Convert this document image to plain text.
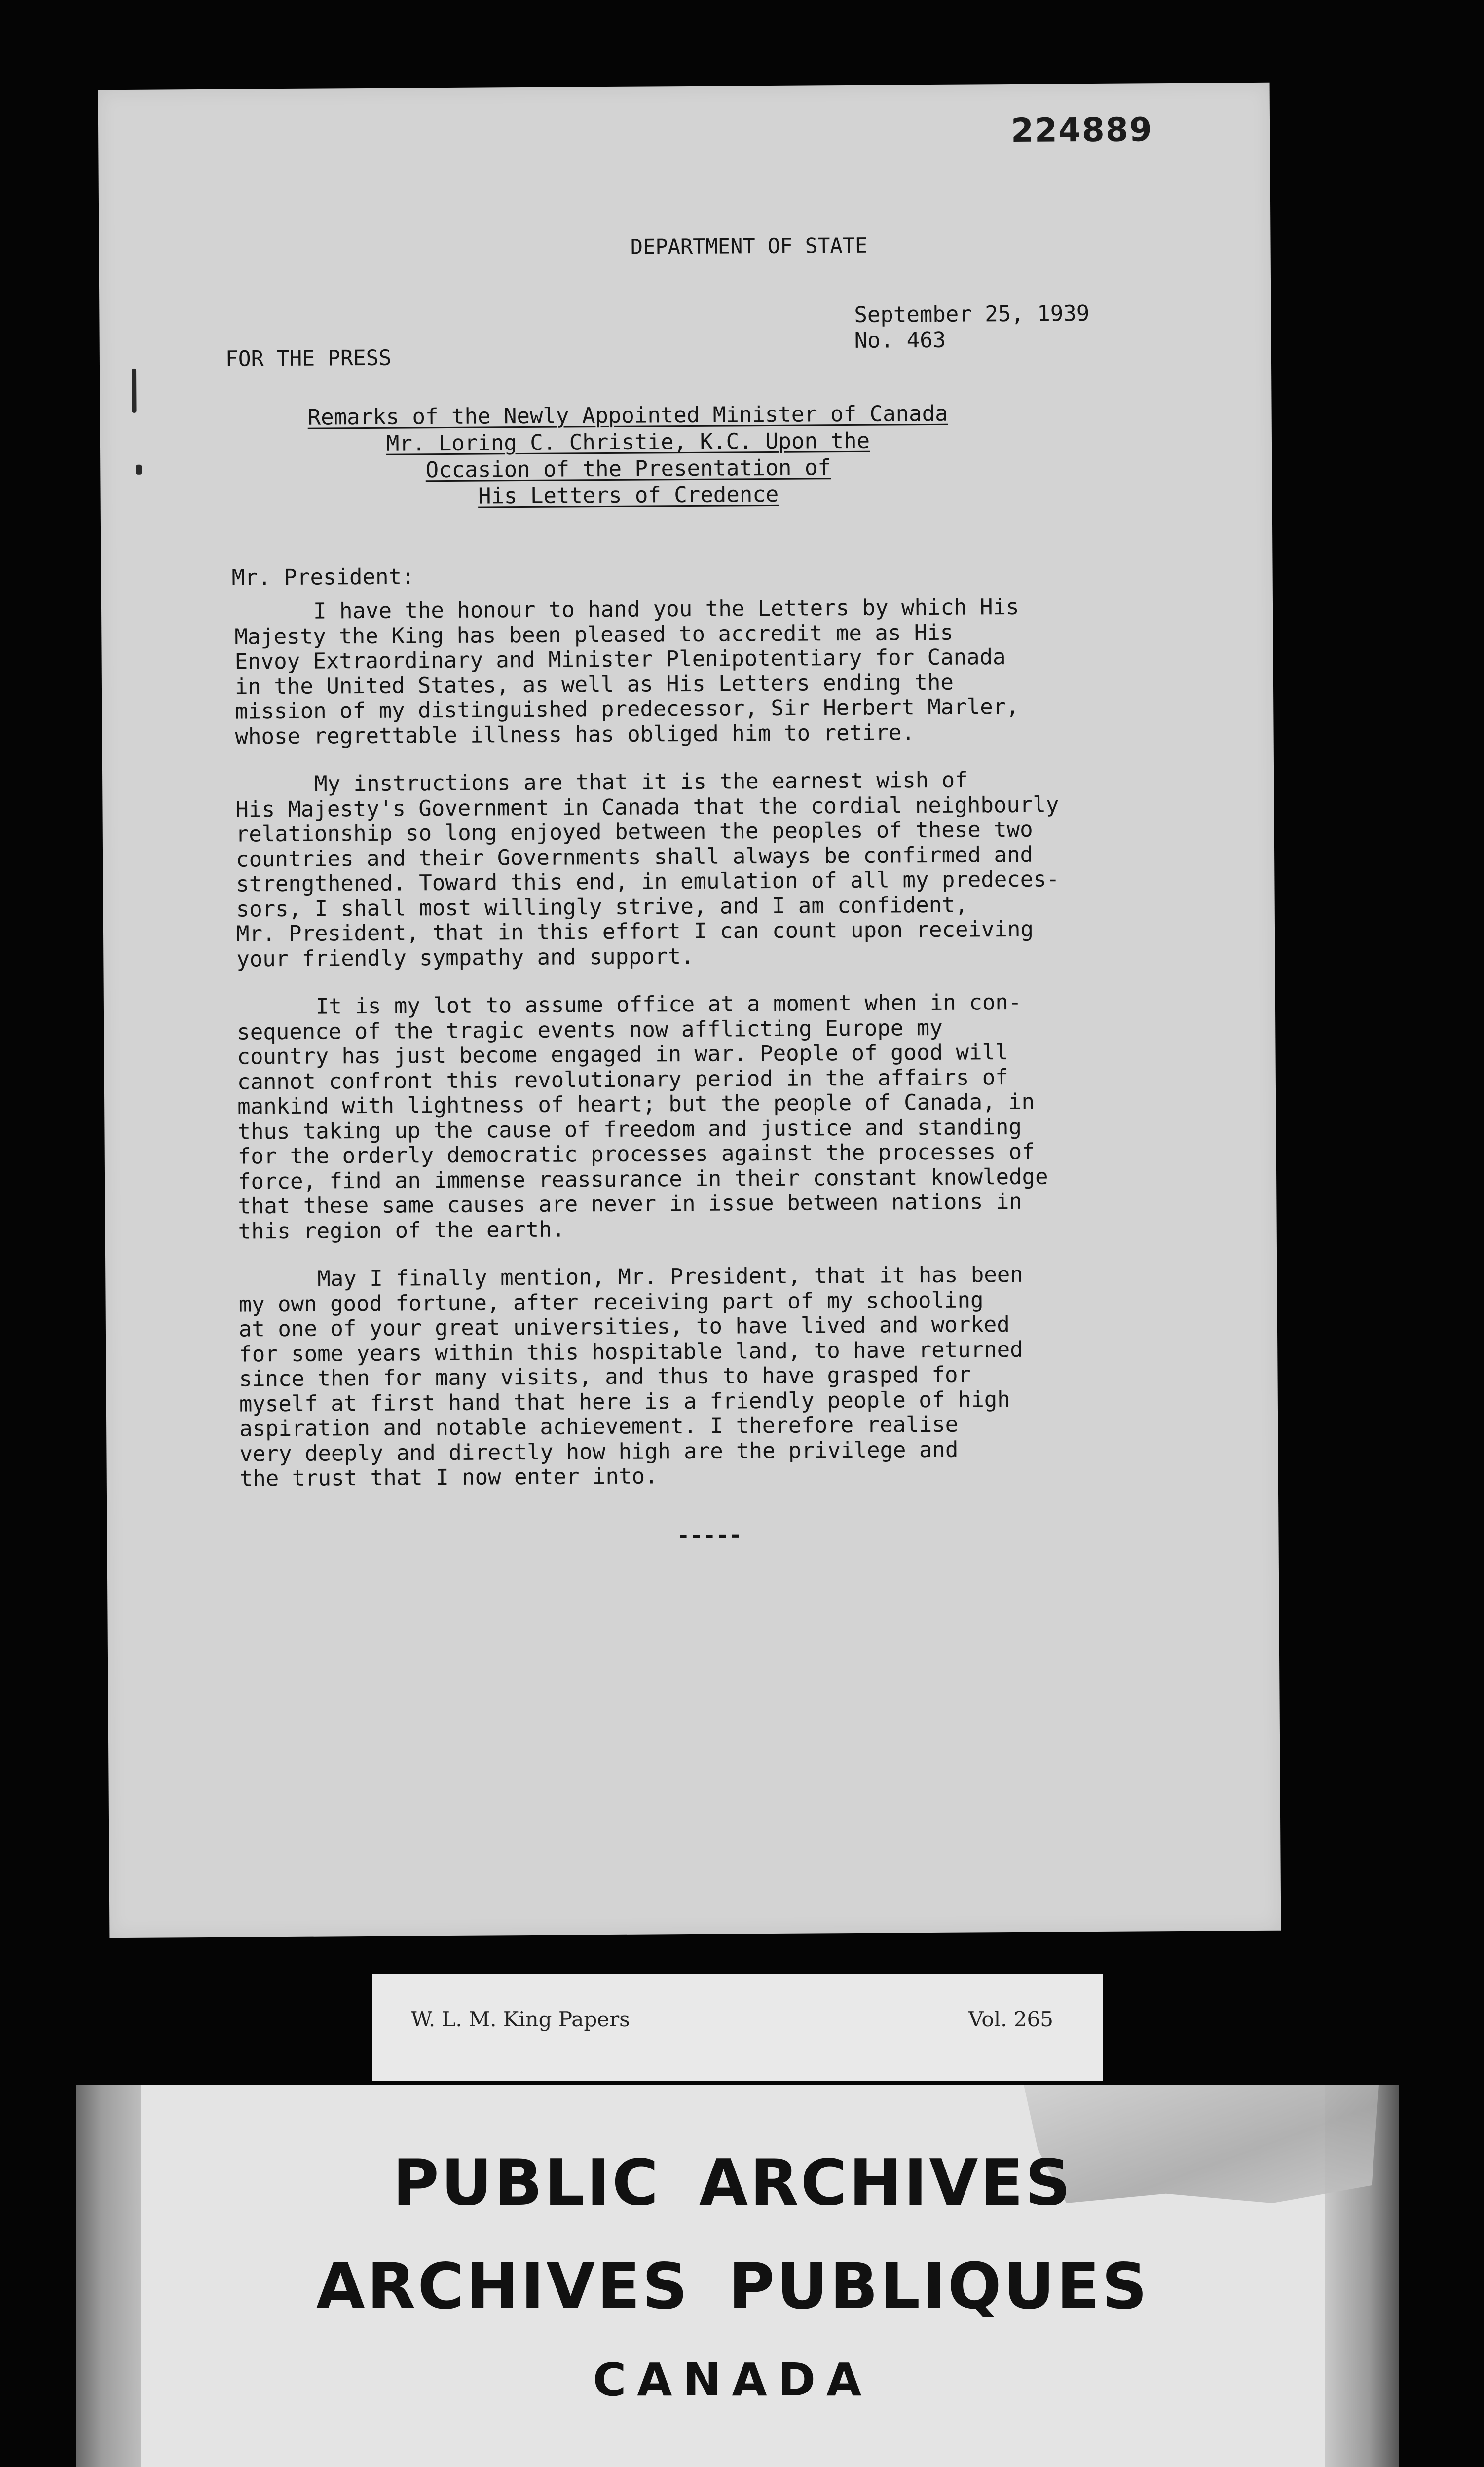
224889
DEPARTMENT OF STATE
FOR THE PRESS
September 25, 1939
No. 463
Remarks of the Newly Appointed Minister of Canada
Mr. Loring C. Christie, K.C. Upon the
Occasion of the Presentation of
His Letters of Credence
Mr. President:

I have the honour to hand you the Letters by which His
Majesty the King has been pleased to accredit me as His
Envoy Extraordinary and Minister Plenipotentiary for Canada
in the United States, as well as His Letters ending the
mission of my distinguished predecessor, Sir Herbert Marler,
whose regrettable illness has obliged him to retire.

My instructions are that it is the earnest wish of
His Majesty's Government in Canada that the cordial neighbourly
relationship so long enjoyed between the peoples of these two
countries and their Governments shall always be confirmed and
strengthened. Toward this end, in emulation of all my predeces-
sors, I shall most willingly strive, and I am confident,
Mr. President, that in this effort I can count upon receiving
your friendly sympathy and support.

It is my lot to assume office at a moment when in con-
sequence of the tragic events now afflicting Europe my
country has just become engaged in war. People of good will
cannot confront this revolutionary period in the affairs of
mankind with lightness of heart; but the people of Canada, in
thus taking up the cause of freedom and justice and standing
for the orderly democratic processes against the processes of
force, find an immense reassurance in their constant knowledge
that these same causes are never in issue between nations in
this region of the earth.

May I finally mention, Mr. President, that it has been
my own good fortune, after receiving part of my schooling
at one of your great universities, to have lived and worked
for some years within this hospitable land, to have returned
since then for many visits, and thus to have grasped for
myself at first hand that here is a friendly people of high
aspiration and notable achievement. I therefore realise
very deeply and directly how high are the privilege and
the trust that I now enter into.

-----
W. L. M. King Papers	Vol. 265
PUBLIC ARCHIVES
ARCHIVES PUBLIQUES
CANADA
